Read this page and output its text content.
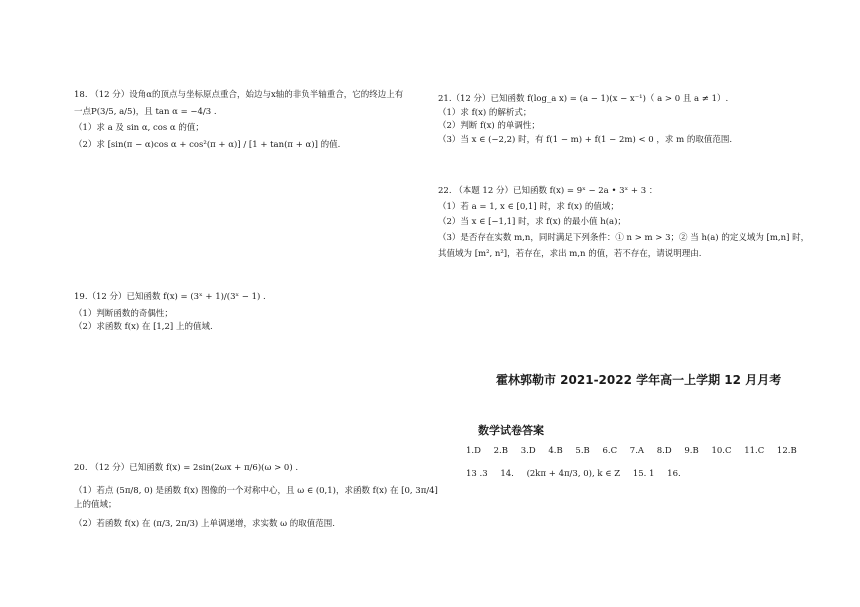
18. （12 分）设角α的顶点与坐标原点重合，始边与x轴的非负半轴重合，它的终边上有
一点P(3/5, a/5)，且 tan α = −4/3 .
（1）求 a 及 sin α, cos α 的值；
（2）求 [sin(π − α)cos α + cos²(π + α)] / [1 + tan(π + α)] 的值.
19.（12 分）已知函数 f(x) = (3ˣ + 1)/(3ˣ − 1) .
（1）判断函数的奇偶性；
（2）求函数 f(x) 在 [1,2] 上的值域.
20. （12 分）已知函数 f(x) = 2sin(2ωx + π/6)(ω > 0) .
（1）若点 (5π/8, 0) 是函数 f(x) 图像的一个对称中心，且 ω ∈ (0,1)，求函数 f(x) 在 [0, 3π/4]
上的值域；
（2）若函数 f(x) 在 (π/3, 2π/3) 上单调递增，求实数 ω 的取值范围.
21.（12 分）已知函数 f(log_a x) = (a − 1)(x − x⁻¹)（ a > 0 且 a ≠ 1）.
（1）求 f(x) 的解析式；
（2）判断 f(x) 的单调性；
（3）当 x ∈ (−2,2) 时，有 f(1 − m) + f(1 − 2m) < 0 ，求 m 的取值范围.
22. （本题 12 分）已知函数 f(x) = 9ˣ − 2a • 3ˣ + 3 ：
（1）若 a = 1, x ∈ [0,1] 时，求 f(x) 的值域；
（2）当 x ∈ [−1,1] 时，求 f(x) 的最小值 h(a)；
（3）是否存在实数 m,n，同时满足下列条件：① n > m > 3；② 当 h(a) 的定义域为 [m,n] 时，
其值域为 [m², n²]，若存在，求出 m,n 的值，若不存在，请说明理由.
霍林郭勒市 2021-2022 学年高一上学期 12 月月考
数学试卷答案
1.D 2.B 3.D 4.B 5.B 6.C 7.A 8.D 9.B 10.C 11.C 12.B
13 .3 14. (2kπ + 4π/3, 0), k ∈ Z 15. 1 16.
